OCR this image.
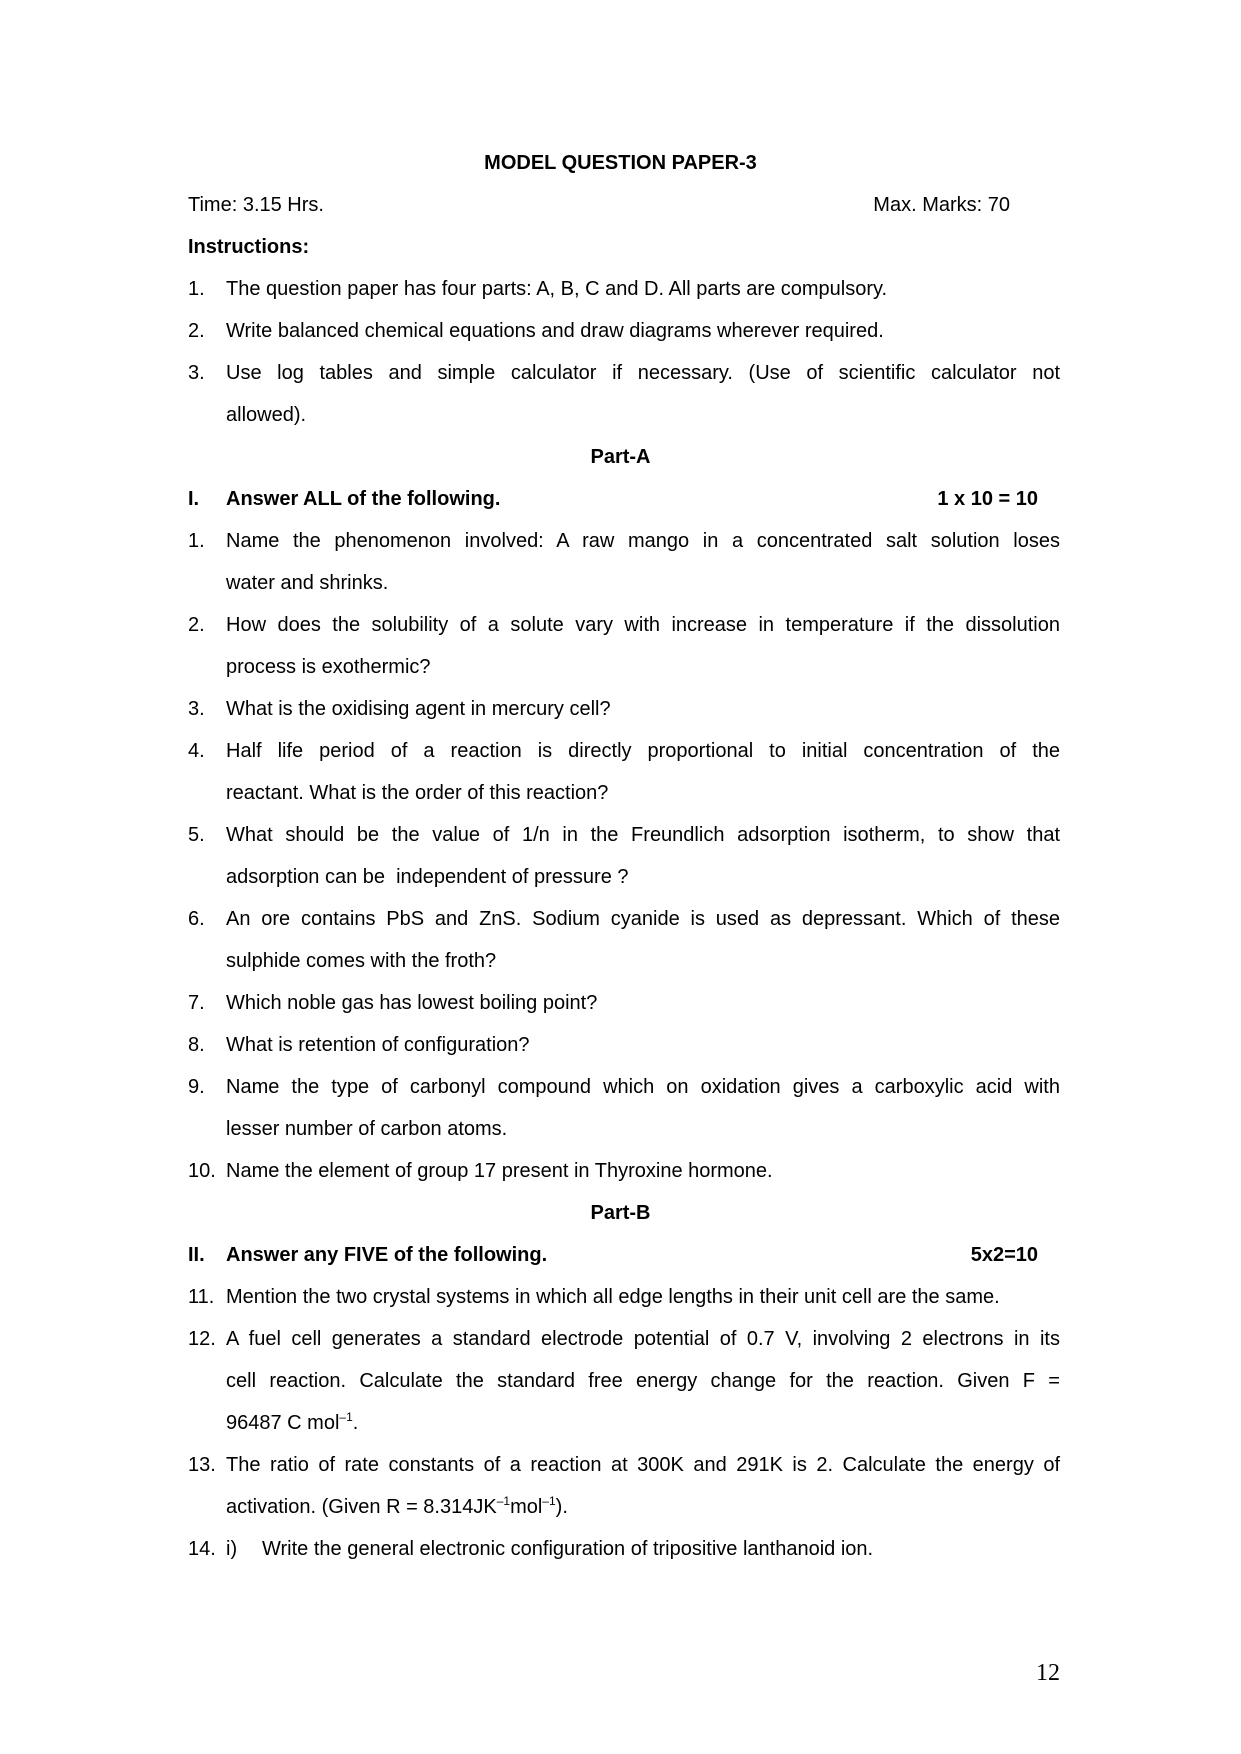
MODEL QUESTION PAPER-3
Time: 3.15 Hrs.	Max. Marks: 70
Instructions:
1. The question paper has four parts: A, B, C and D. All parts are compulsory.
2. Write balanced chemical equations and draw diagrams wherever required.
3. Use log tables and simple calculator if necessary. (Use of scientific calculator not
allowed).
Part-A
I. Answer ALL of the following.	1 x 10 = 10
1. Name the phenomenon involved: A raw mango in a concentrated salt solution loses
water and shrinks.
2. How does the solubility of a solute vary with increase in temperature if the dissolution
process is exothermic?
3. What is the oxidising agent in mercury cell?
4. Half life period of a reaction is directly proportional to initial concentration of the
reactant. What is the order of this reaction?
5. What should be the value of 1/n in the Freundlich adsorption isotherm, to show that
adsorption can be  independent of pressure ?
6. An ore contains PbS and ZnS. Sodium cyanide is used as depressant. Which of these
sulphide comes with the froth?
7. Which noble gas has lowest boiling point?
8. What is retention of configuration?
9. Name the type of carbonyl compound which on oxidation gives a carboxylic acid with
lesser number of carbon atoms.
10. Name the element of group 17 present in Thyroxine hormone.
Part-B
II. Answer any FIVE of the following.	5x2=10
11. Mention the two crystal systems in which all edge lengths in their unit cell are the same.
12. A fuel cell generates a standard electrode potential of 0.7 V, involving 2 electrons in its
cell reaction. Calculate the standard free energy change for the reaction. Given F =
96487 C mol$^{-1}$.
13. The ratio of rate constants of a reaction at 300K and 291K is 2. Calculate the energy of
activation. (Given $R = 8.314JK^{-1}mol^{-1}$).
14. i) Write the general electronic configuration of tripositive lanthanoid ion.
12
